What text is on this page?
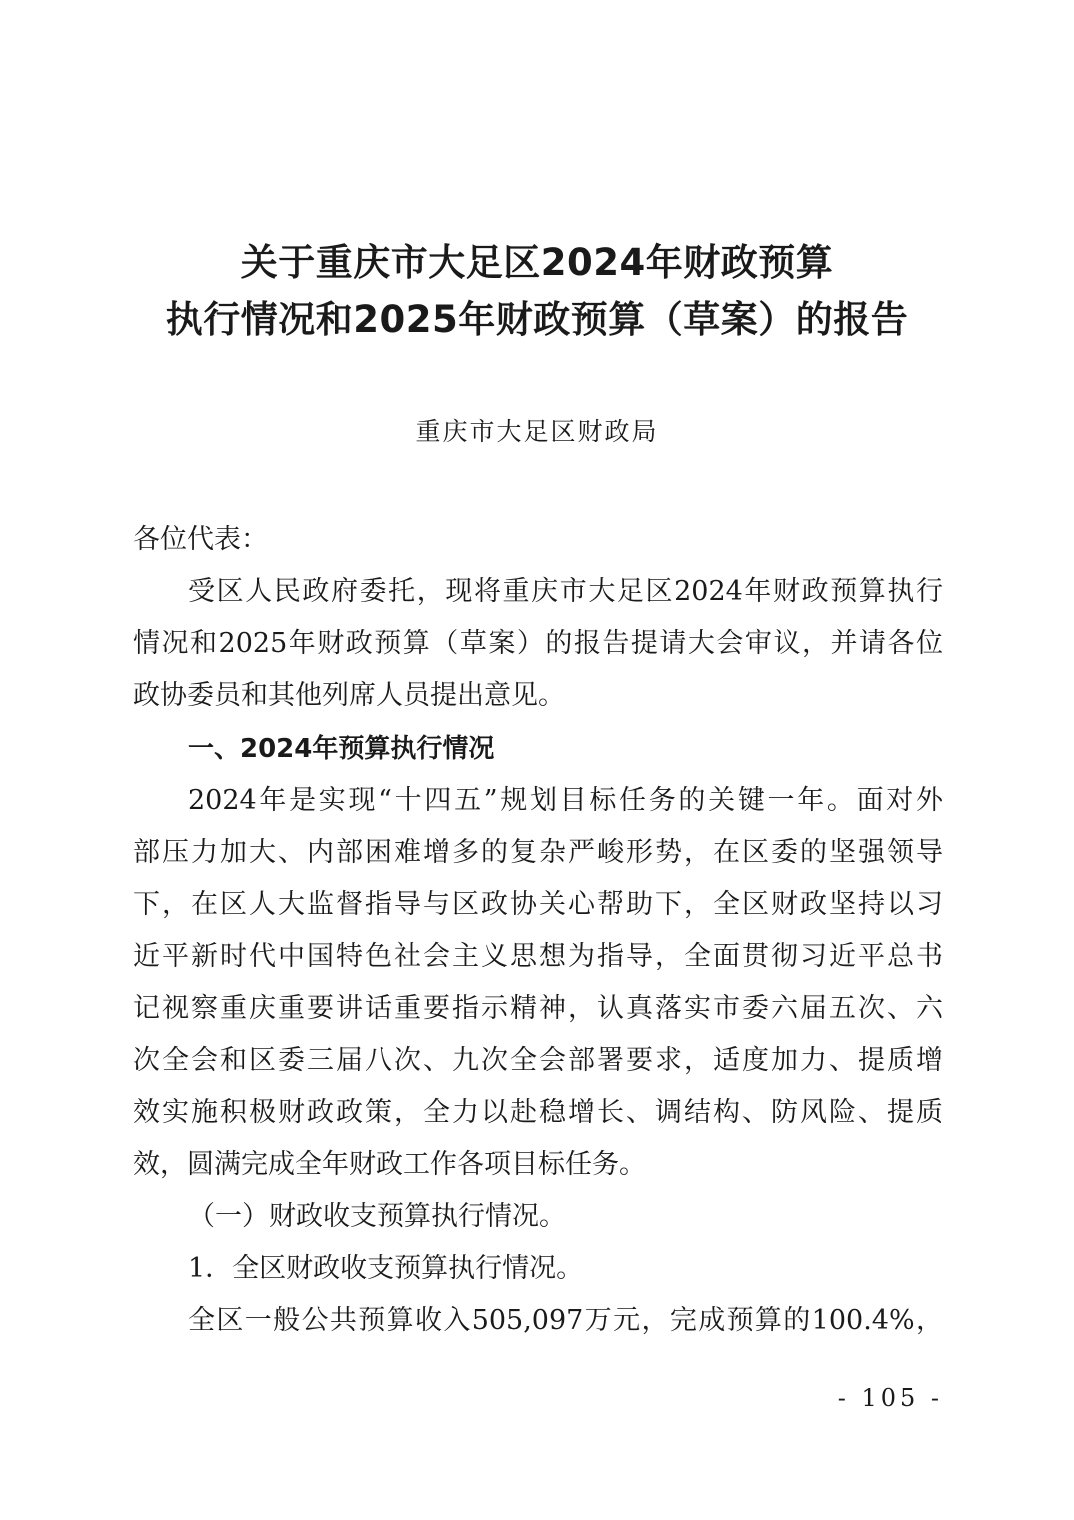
关于重庆市大足区2024年财政预算
执行情况和2025年财政预算（草案）的报告

重庆市大足区财政局

各位代表：

受区人民政府委托，现将重庆市大足区2024年财政预算执行

情况和2025年财政预算（草案）的报告提请大会审议，并请各位

政协委员和其他列席人员提出意见。

一、2024年预算执行情况

2024年是实现“十四五”规划目标任务的关键一年。面对外

部压力加大、内部困难增多的复杂严峻形势，在区委的坚强领导

下，在区人大监督指导与区政协关心帮助下，全区财政坚持以习

近平新时代中国特色社会主义思想为指导，全面贯彻习近平总书

记视察重庆重要讲话重要指示精神，认真落实市委六届五次、六

次全会和区委三届八次、九次全会部署要求，适度加力、提质增

效实施积极财政政策，全力以赴稳增长、调结构、防风险、提质

效，圆满完成全年财政工作各项目标任务。

（一）财政收支预算执行情况。

1．全区财政收支预算执行情况。

全区一般公共预算收入505,097万元，完成预算的100.4%，

- 105 -
